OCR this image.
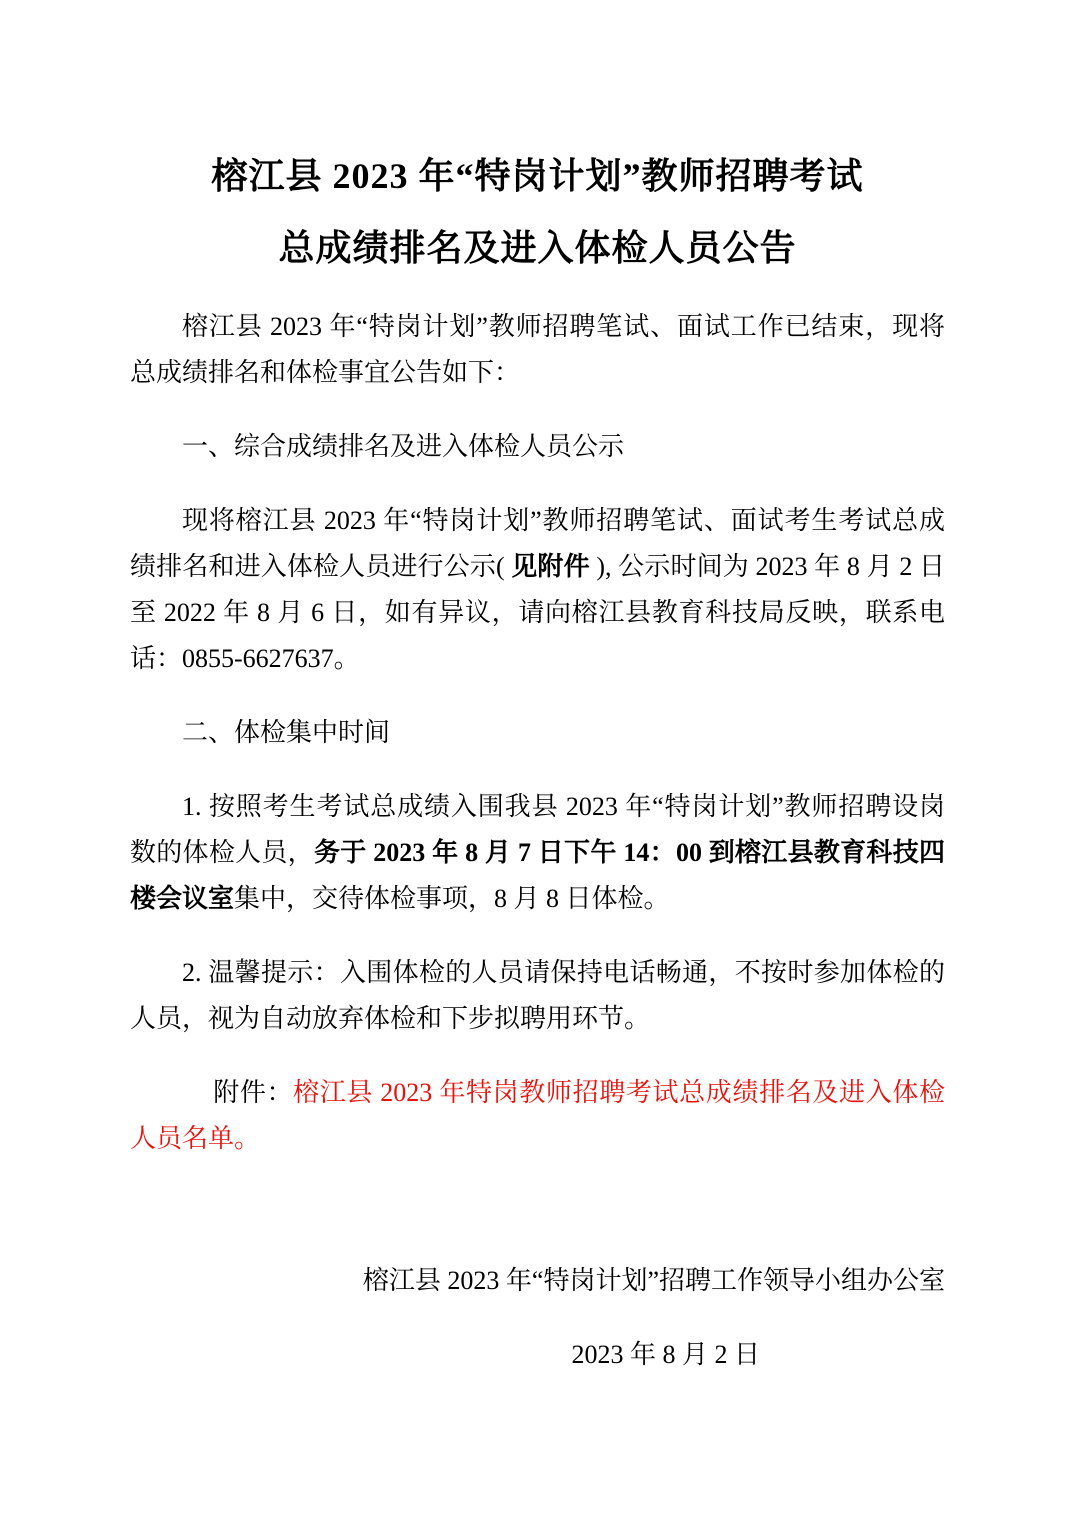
榕江县 2023 年“特岗计划”教师招聘考试
总成绩排名及进入体检人员公告

榕江县 2023 年“特岗计划”教师招聘笔试、面试工作已结束，现将总成绩排名和体检事宜公告如下：

一、综合成绩排名及进入体检人员公示

现将榕江县 2023 年“特岗计划”教师招聘笔试、面试考生考试总成绩排名和进入体检人员进行公示( 见附件 ), 公示时间为 2023 年 8 月 2 日至 2022 年 8 月 6 日，如有异议，请向榕江县教育科技局反映，联系电话：0855-6627637。

二、体检集中时间

1. 按照考生考试总成绩入围我县 2023 年“特岗计划”教师招聘设岗数的体检人员，务于 2023 年 8 月 7 日下午 14：00 到榕江县教育科技四楼会议室集中，交待体检事项，8 月 8 日体检。

2. 温馨提示：入围体检的人员请保持电话畅通，不按时参加体检的人员，视为自动放弃体检和下步拟聘用环节。

附件：榕江县 2023 年特岗教师招聘考试总成绩排名及进入体检人员名单。

榕江县 2023 年“特岗计划”招聘工作领导小组办公室
2023 年 8 月 2 日
